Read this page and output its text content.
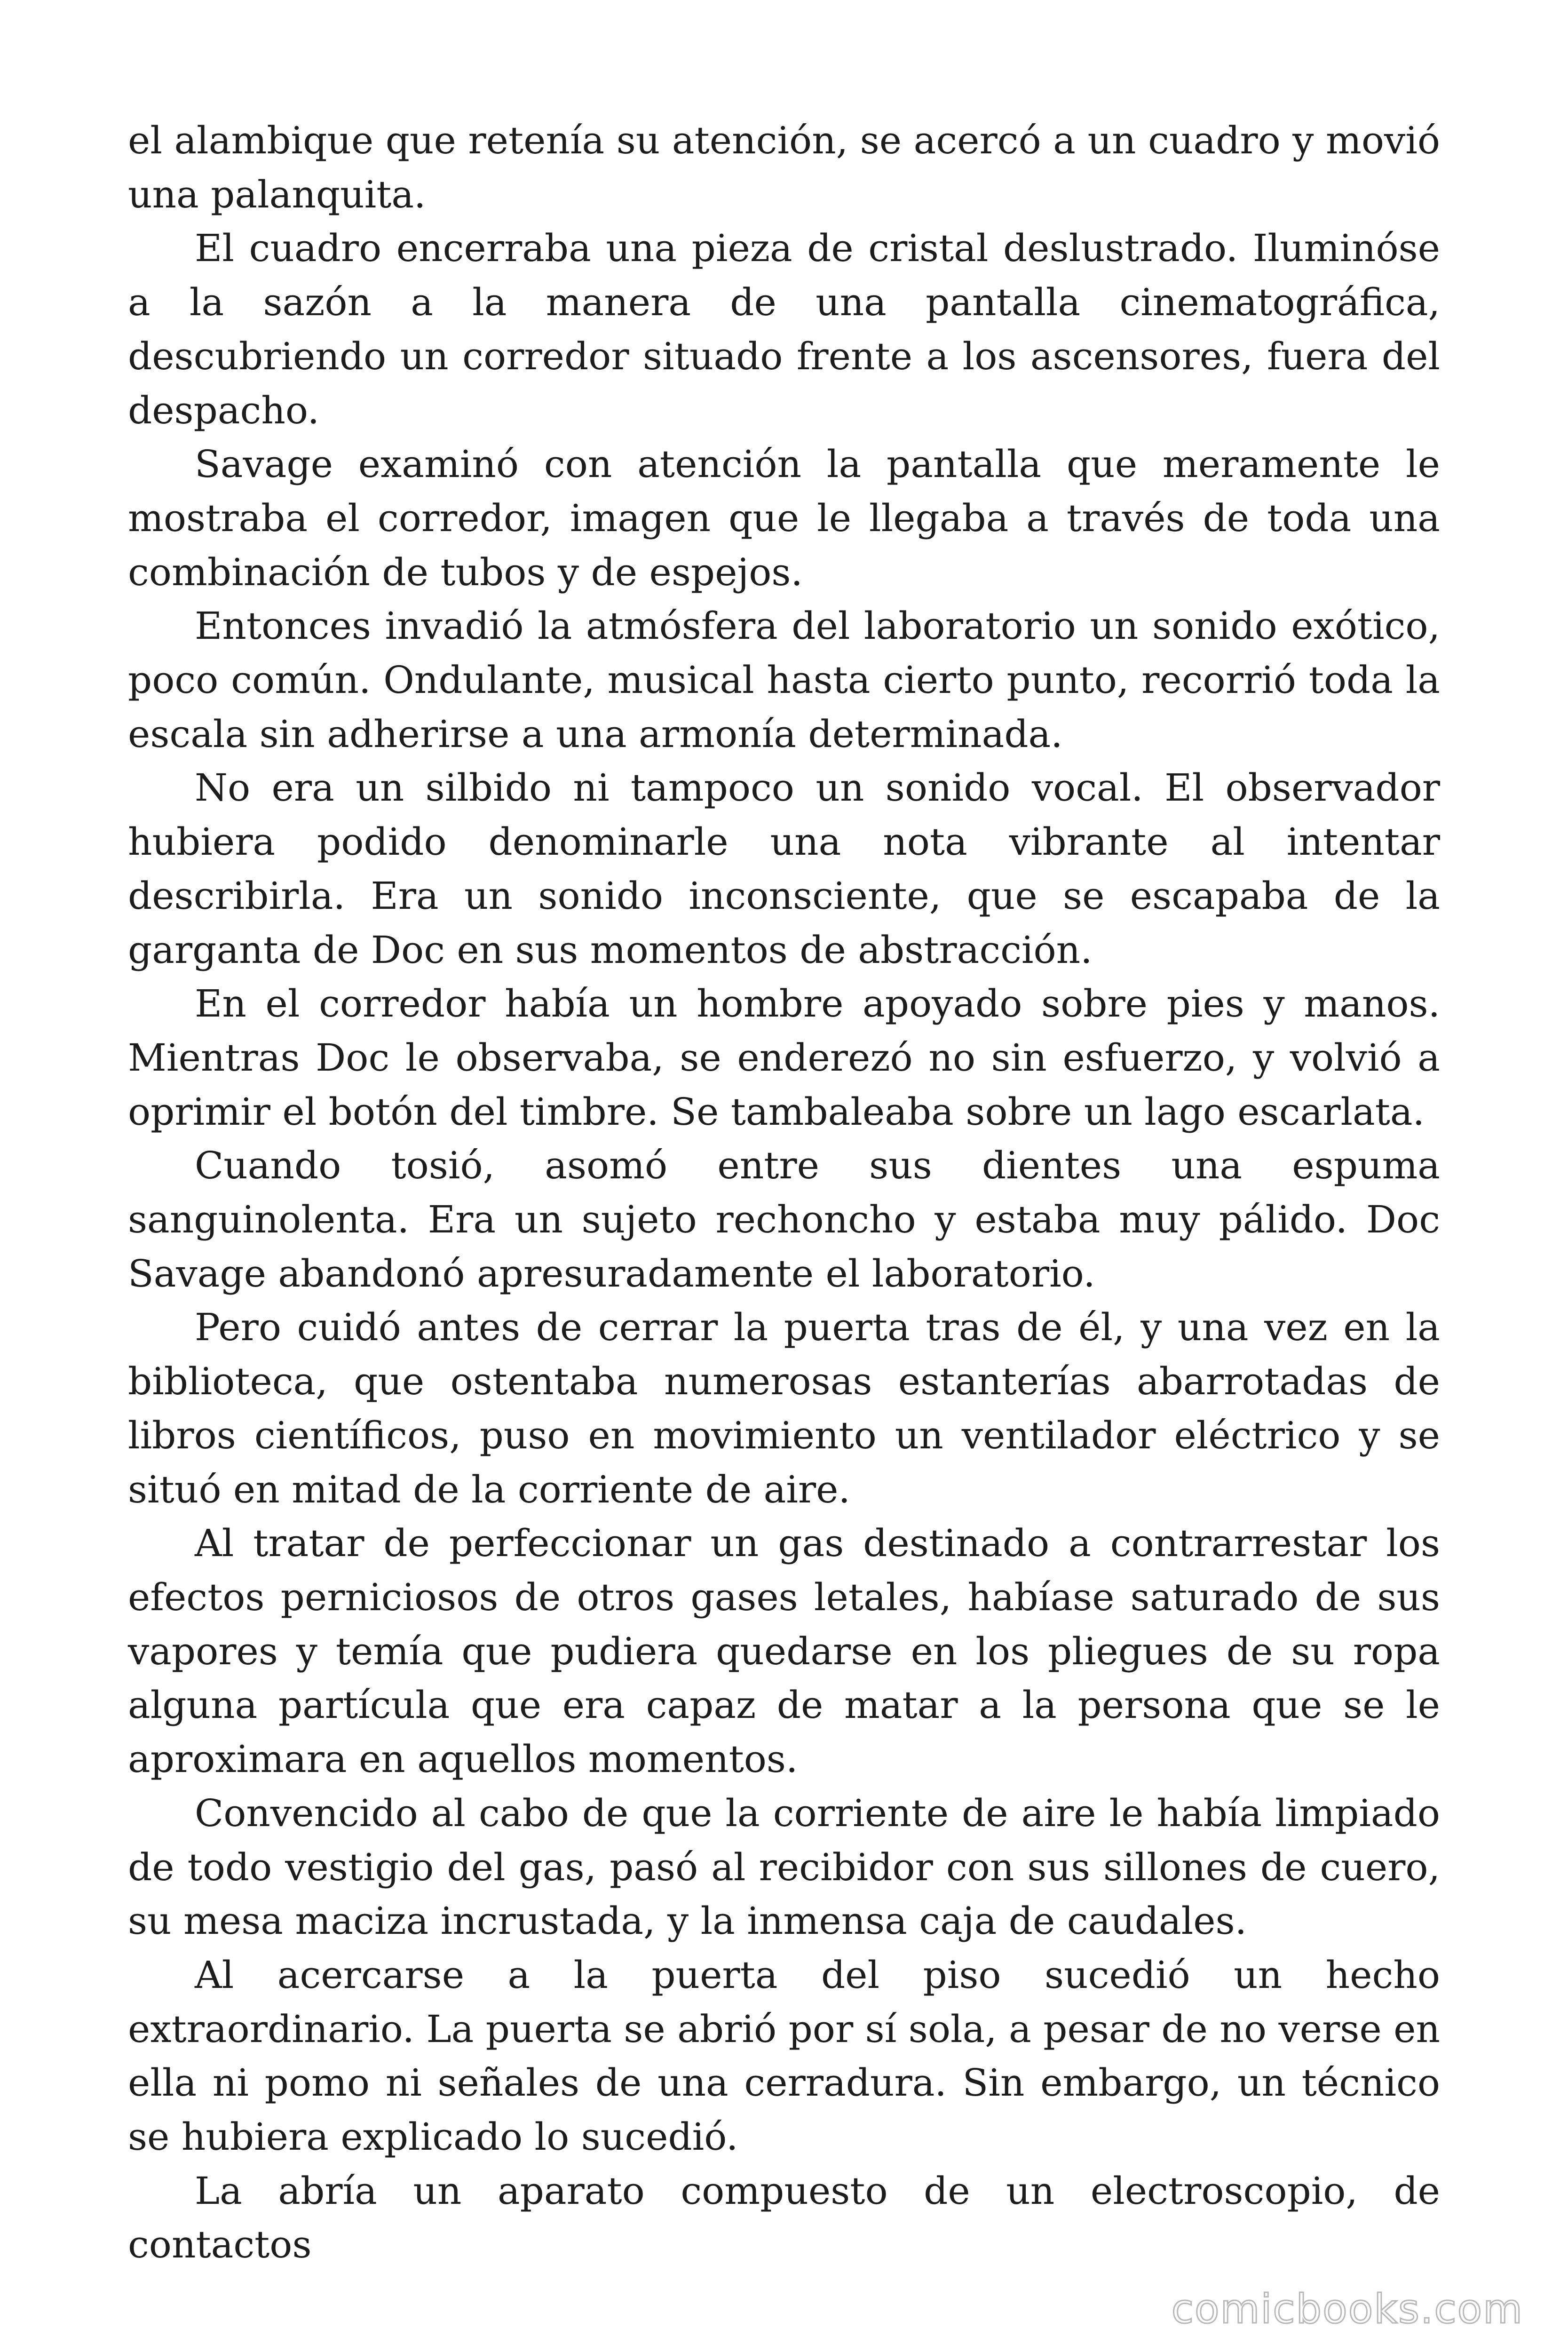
el alambique que retenía su atención, se acercó a un cuadro y movió una palanquita.

El cuadro encerraba una pieza de cristal deslustrado. Iluminóse a la sazón a la manera de una pantalla cinematográfica, descubriendo un corredor situado frente a los ascensores, fuera del despacho.

Savage examinó con atención la pantalla que meramente le mostraba el corredor, imagen que le llegaba a través de toda una combinación de tubos y de espejos.

Entonces invadió la atmósfera del laboratorio un sonido exótico, poco común. Ondulante, musical hasta cierto punto, recorrió toda la escala sin adherirse a una armonía determinada.

No era un silbido ni tampoco un sonido vocal. El observador hubiera podido denominarle una nota vibrante al intentar describirla. Era un sonido inconsciente, que se escapaba de la garganta de Doc en sus momentos de abstracción.

En el corredor había un hombre apoyado sobre pies y manos. Mientras Doc le observaba, se enderezó no sin esfuerzo, y volvió a oprimir el botón del timbre. Se tambaleaba sobre un lago escarlata.

Cuando tosió, asomó entre sus dientes una espuma sanguinolenta. Era un sujeto rechoncho y estaba muy pálido. Doc Savage abandonó apresuradamente el laboratorio.

Pero cuidó antes de cerrar la puerta tras de él, y una vez en la biblioteca, que ostentaba numerosas estanterías abarrotadas de libros científicos, puso en movimiento un ventilador eléctrico y se situó en mitad de la corriente de aire.

Al tratar de perfeccionar un gas destinado a contrarrestar los efectos perniciosos de otros gases letales, habíase saturado de sus vapores y temía que pudiera quedarse en los pliegues de su ropa alguna partícula que era capaz de matar a la persona que se le aproximara en aquellos momentos.

Convencido al cabo de que la corriente de aire le había limpiado de todo vestigio del gas, pasó al recibidor con sus sillones de cuero, su mesa maciza incrustada, y la inmensa caja de caudales.

Al acercarse a la puerta del piso sucedió un hecho extraordinario. La puerta se abrió por sí sola, a pesar de no verse en ella ni pomo ni señales de una cerradura. Sin embargo, un técnico se hubiera explicado lo sucedió.

La abría un aparato compuesto de un electroscopio, de contactos

comicbooks.com
